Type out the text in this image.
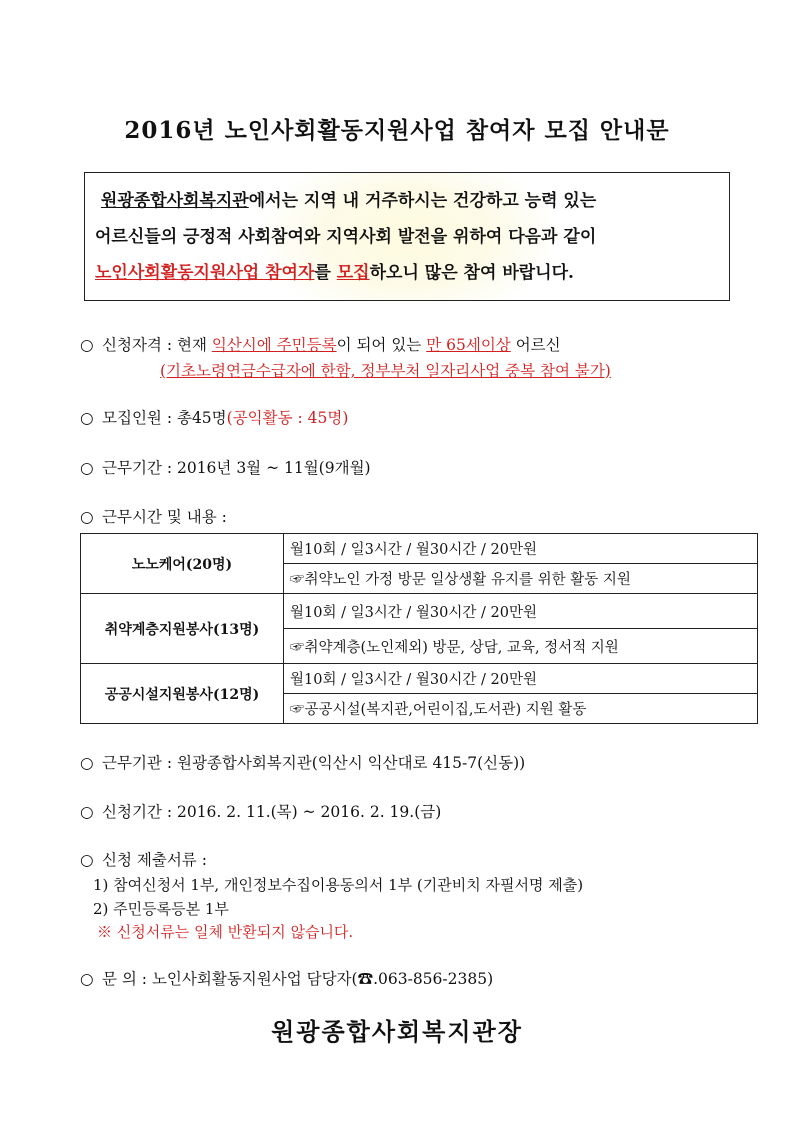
2016년 노인사회활동지원사업 참여자 모집 안내문
원광종합사회복지관에서는 지역 내 거주하시는 건강하고 능력 있는
어르신들의 긍정적 사회참여와 지역사회 발전을 위하여 다음과 같이
노인사회활동지원사업 참여자를 모집하오니 많은 참여 바랍니다.
○ 신청자격 : 현재 익산시에 주민등록이 되어 있는 만 65세이상 어르신
(기초노령연금수급자에 한함, 정부부처 일자리사업 중복 참여 불가)
○ 모집인원 : 총45명(공익활동 : 45명)
○ 근무기간 : 2016년 3월 ~ 11월(9개월)
○ 근무시간 및 내용 :
노노케어(20명)	월10회 / 일3시간 / 월30시간 / 20만원
	☞취약노인 가정 방문 일상생활 유지를 위한 활동 지원
취약계층지원봉사(13명)	월10회 / 일3시간 / 월30시간 / 20만원
	☞취약계층(노인제외) 방문, 상담, 교육, 정서적 지원
공공시설지원봉사(12명)	월10회 / 일3시간 / 월30시간 / 20만원
	☞공공시설(복지관,어린이집,도서관) 지원 활동
○ 근무기관 : 원광종합사회복지관(익산시 익산대로 415-7(신동))
○ 신청기간 : 2016. 2. 11.(목) ~ 2016. 2. 19.(금)
○ 신청 제출서류 :
1) 참여신청서 1부, 개인정보수집이용동의서 1부 (기관비치 자필서명 제출)
2) 주민등록등본 1부
※ 신청서류는 일체 반환되지 않습니다.
○ 문 의 : 노인사회활동지원사업 담당자(☎.063-856-2385)
원광종합사회복지관장
